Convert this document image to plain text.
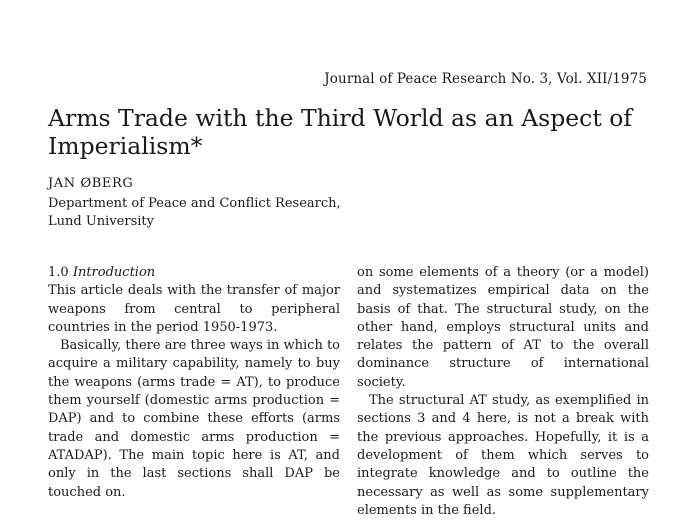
Journal of Peace Research No. 3, Vol. XII/1975
Arms Trade with the Third World as an Aspect of Imperialism*
JAN ØBERG
Department of Peace and Conflict Research,
Lund University

1.0 Introduction

This article deals with the transfer of major weapons from central to peripheral countries in the period 1950-1973.

Basically, there are three ways in which to acquire a military capability, namely to buy the weapons (arms trade = AT), to produce them yourself (domestic arms production = DAP) and to combine these efforts (arms trade and domestic arms production = ATADAP). The main topic here is AT, and only in the last sections shall DAP be touched on.

on some elements of a theory (or a model) and systematizes empirical data on the basis of that. The structural study, on the other hand, employs structural units and relates the pattern of AT to the overall dominance structure of international society.

The structural AT study, as exemplified in sections 3 and 4 here, is not a break with the previous approaches. Hopefully, it is a development of them which serves to integrate knowledge and to outline the necessary as well as some supplementary elements in the field.
